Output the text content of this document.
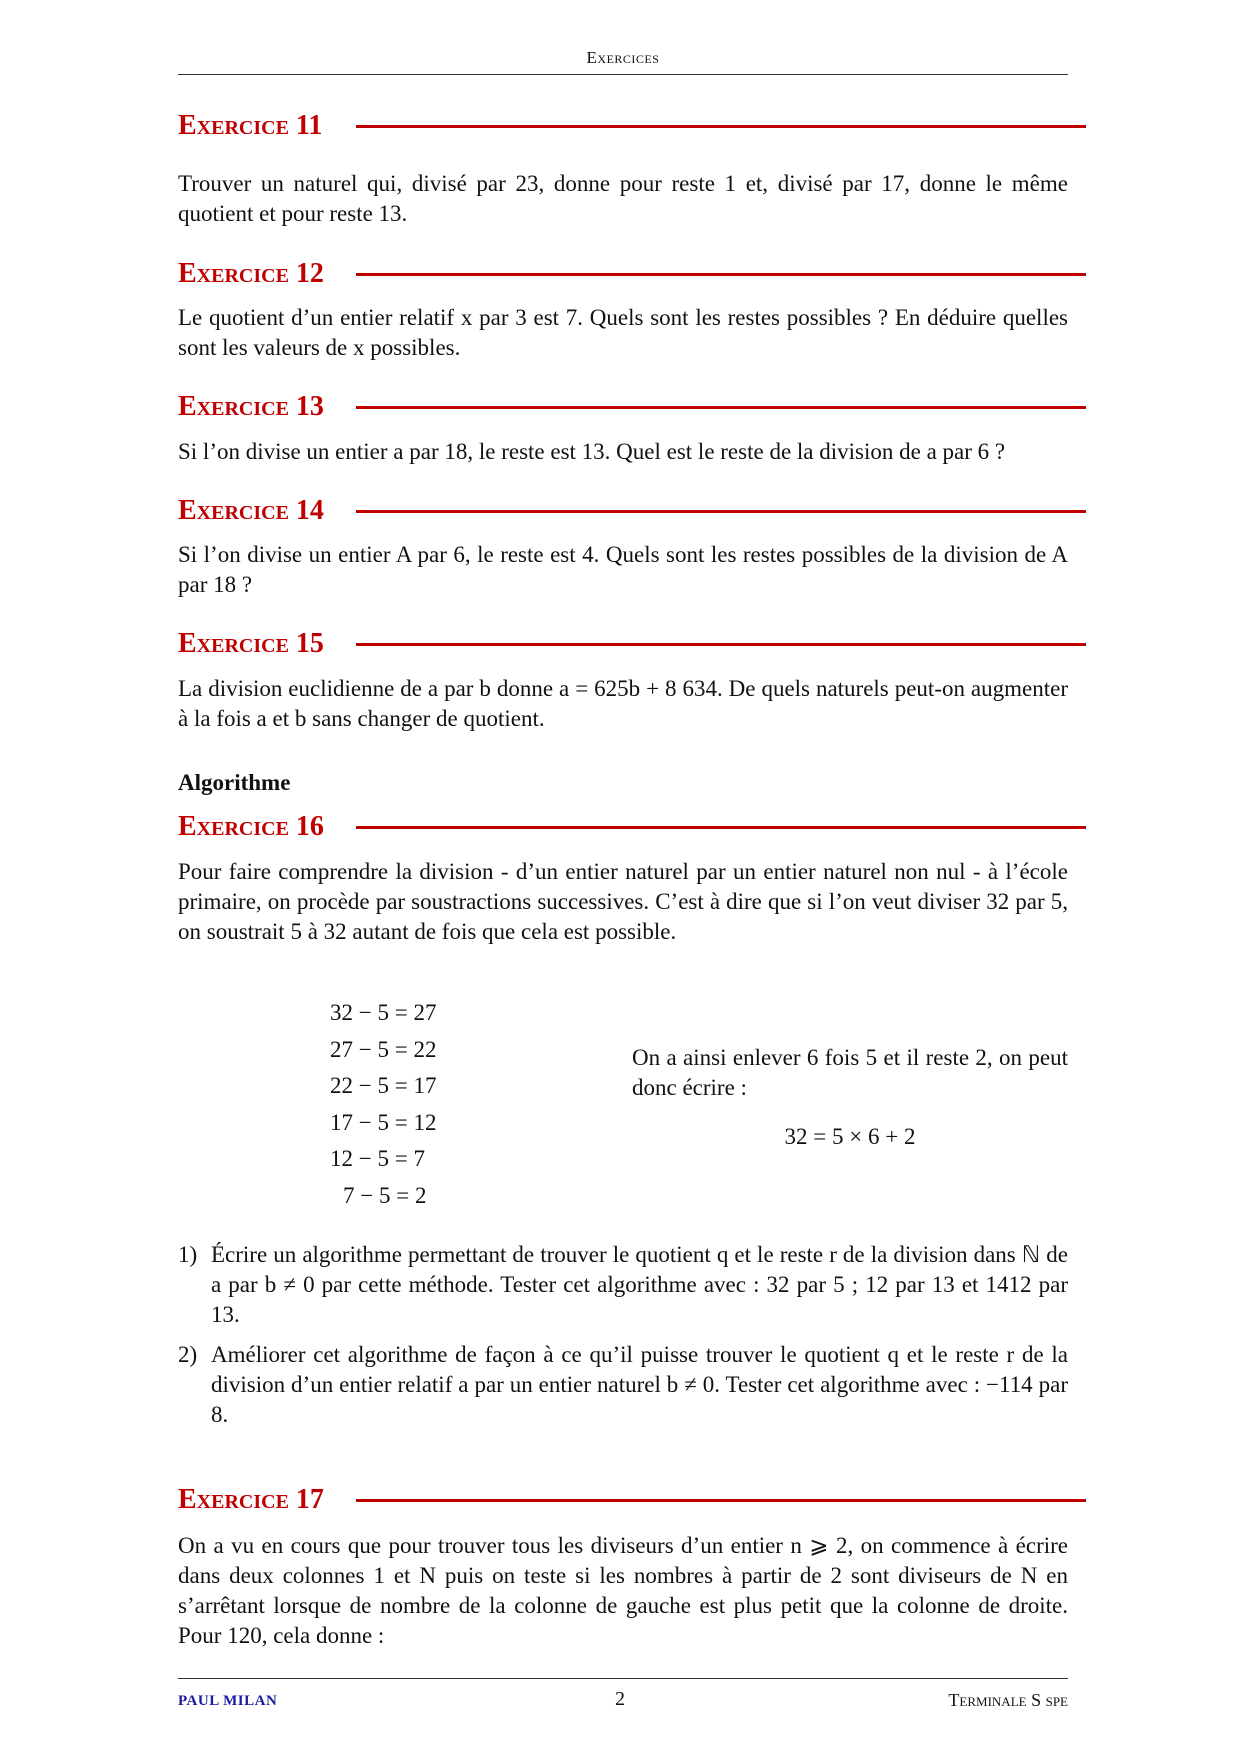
Exercices
Exercice 11
Trouver un naturel qui, divisé par 23, donne pour reste 1 et, divisé par 17, donne le même quotient et pour reste 13.
Exercice 12
Le quotient d’un entier relatif x par 3 est 7. Quels sont les restes possibles ? En déduire quelles sont les valeurs de x possibles.
Exercice 13
Si l’on divise un entier a par 18, le reste est 13. Quel est le reste de la division de a par 6 ?
Exercice 14
Si l’on divise un entier A par 6, le reste est 4. Quels sont les restes possibles de la division de A par 18 ?
Exercice 15
La division euclidienne de a par b donne a = 625b + 8 634. De quels naturels peut-on augmenter à la fois a et b sans changer de quotient.
Algorithme
Exercice 16
Pour faire comprendre la division - d’un entier naturel par un entier naturel non nul - à l’école primaire, on procède par soustractions successives. C’est à dire que si l’on veut diviser 32 par 5, on soustrait 5 à 32 autant de fois que cela est possible.
32 − 5 = 27
27 − 5 = 22
22 − 5 = 17
17 − 5 = 12
12 − 5 = 7
7 − 5 = 2
On a ainsi enlever 6 fois 5 et il reste 2, on peut donc écrire :
32 = 5 × 6 + 2
1) Écrire un algorithme permettant de trouver le quotient q et le reste r de la division dans ℕ de a par b ≠ 0 par cette méthode. Tester cet algorithme avec : 32 par 5 ; 12 par 13 et 1412 par 13.
2) Améliorer cet algorithme de façon à ce qu’il puisse trouver le quotient q et le reste r de la division d’un entier relatif a par un entier naturel b ≠ 0. Tester cet algorithme avec : −114 par 8.
Exercice 17
On a vu en cours que pour trouver tous les diviseurs d’un entier n ⩾ 2, on commence à écrire dans deux colonnes 1 et N puis on teste si les nombres à partir de 2 sont diviseurs de N en s’arrêtant lorsque de nombre de la colonne de gauche est plus petit que la colonne de droite. Pour 120, cela donne :
PAUL MILAN	2	Terminale S spe
